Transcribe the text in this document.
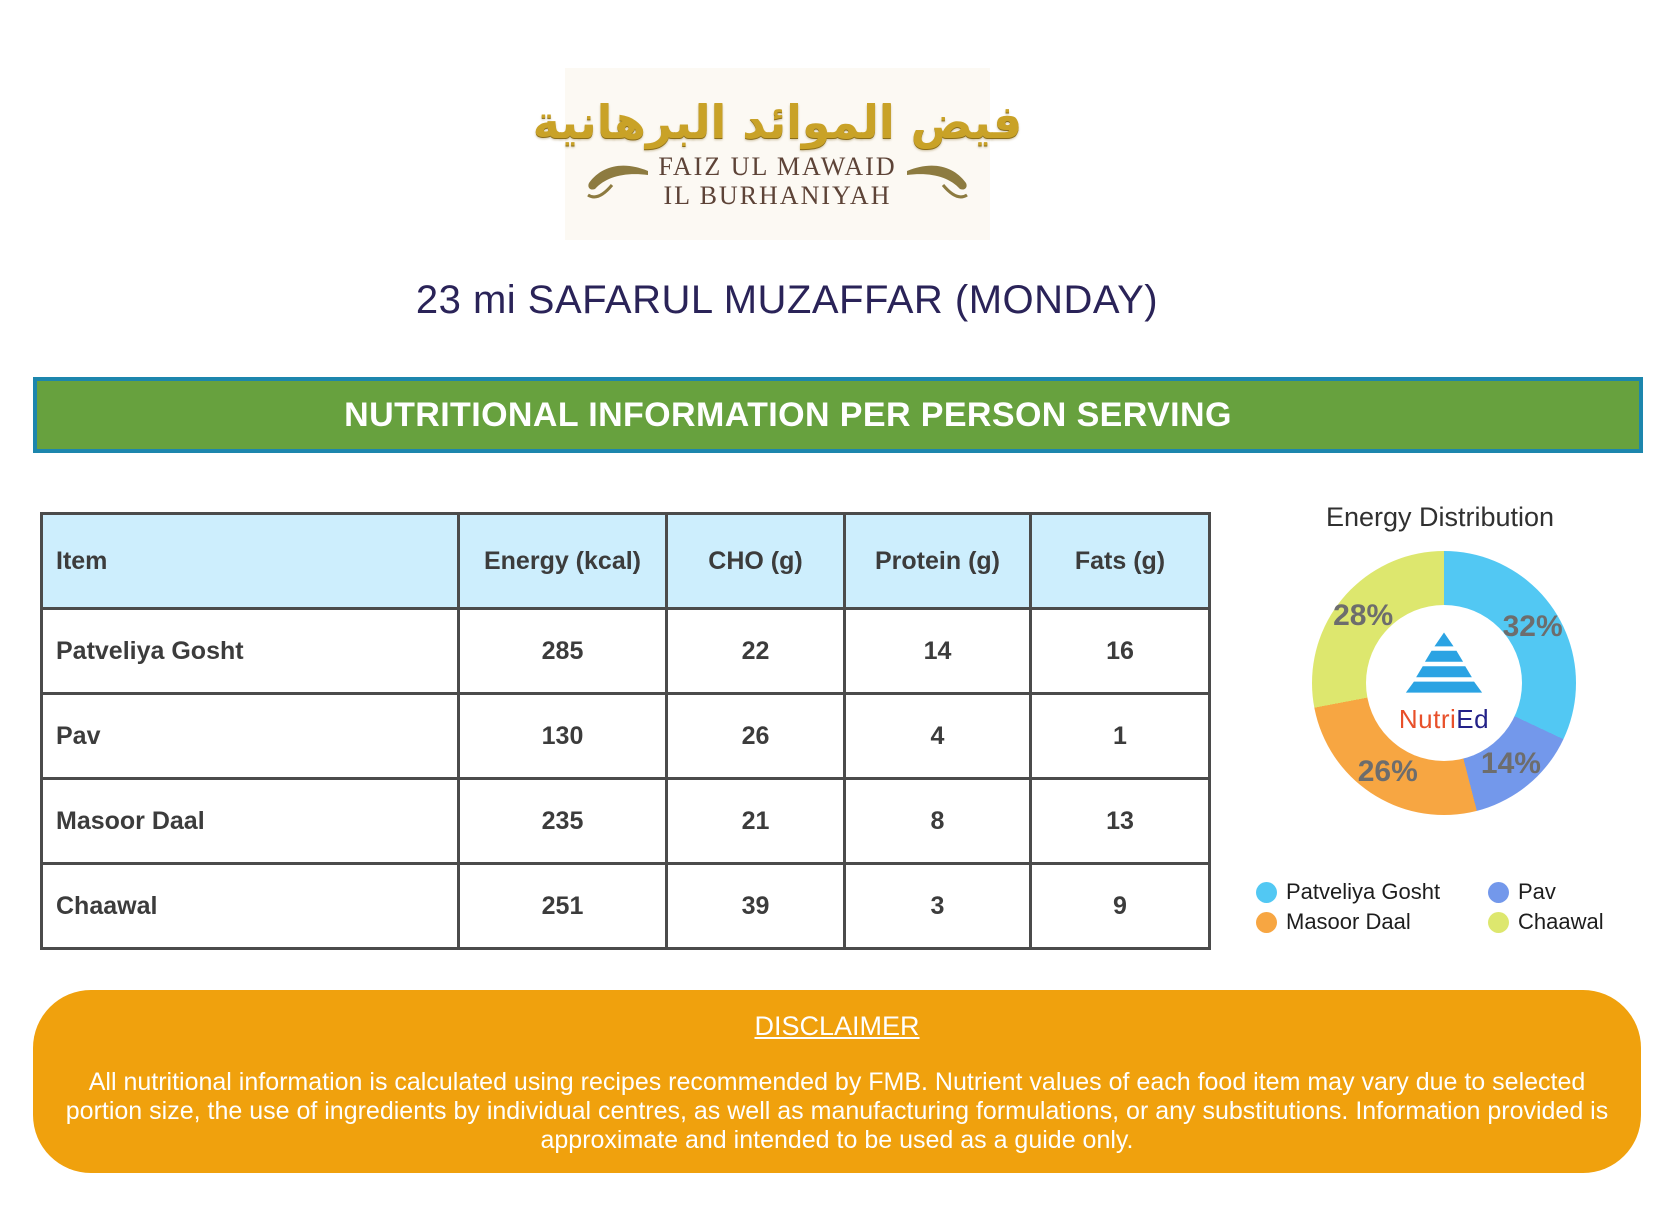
فيض الموائد البرهانية
FAIZ UL MAWAID
IL BURHANIYAH
23 mi SAFARUL MUZAFFAR (MONDAY)
NUTRITIONAL INFORMATION PER PERSON SERVING
Item	Energy (kcal)	CHO (g)	Protein (g)	Fats (g)
Patveliya Gosht	285	22	14	16
Pav	130	26	4	1
Masoor Daal	235	21	8	13
Chaawal	251	39	3	9
Energy Distribution
NutriEd
32%
14%
26%
28%
Patveliya Gosht	Pav
Masoor Daal	Chaawal
DISCLAIMER
All nutritional information is calculated using recipes recommended by FMB. Nutrient values of each food item may vary due to selected portion size, the use of ingredients by individual centres, as well as manufacturing formulations, or any substitutions. Information provided is approximate and intended to be used as a guide only.
